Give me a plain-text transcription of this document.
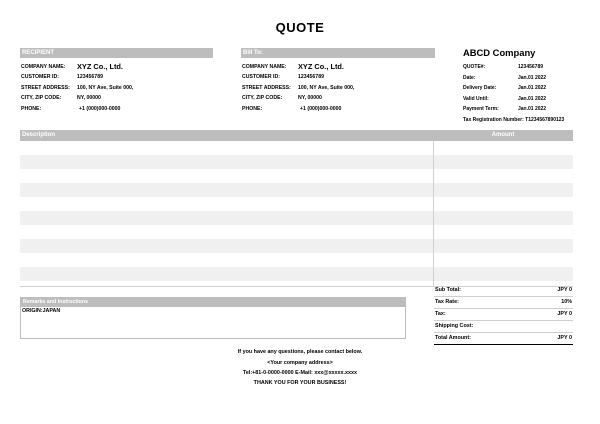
QUOTE
RECIPIENT
COMPANY NAME: XYZ Co., Ltd.
CUSTOMER ID:	123456789
STREET ADDRESS: 100, NY Ave, Suite 000,
CITY, ZIP CODE:	NY, 00000
PHONE:	+1 (000)000-0000
Bill To:
COMPANY NAME: XYZ Co., Ltd.
CUSTOMER ID:	123456789
STREET ADDRESS: 100, NY Ave, Suite 000,
CITY, ZIP CODE:	NY, 00000
PHONE:	+1 (000)000-0000
ABCD Company
QUOTE#:	123456789
Date:	Jan.01 2022
Delivery Date:	Jan.01 2022
Valid Until:	Jan.01 2022
Payment Term:	Jan.01 2022
Tax Registration Number: T1234567890123
Description	Amount
Remarks and Instructions
ORIGIN:JAPAN
Sub Total:	JPY 0
Tax Rate:	10%
Tax:	JPY 0
Shipping Cost:
Total Amount:	JPY 0
If you have any questions, please contact below.
<Your company address>
Tel:+81-0-0000-0000 E-Mail: xxx@xxxxx.xxxx
THANK YOU FOR YOUR BUSINESS!
